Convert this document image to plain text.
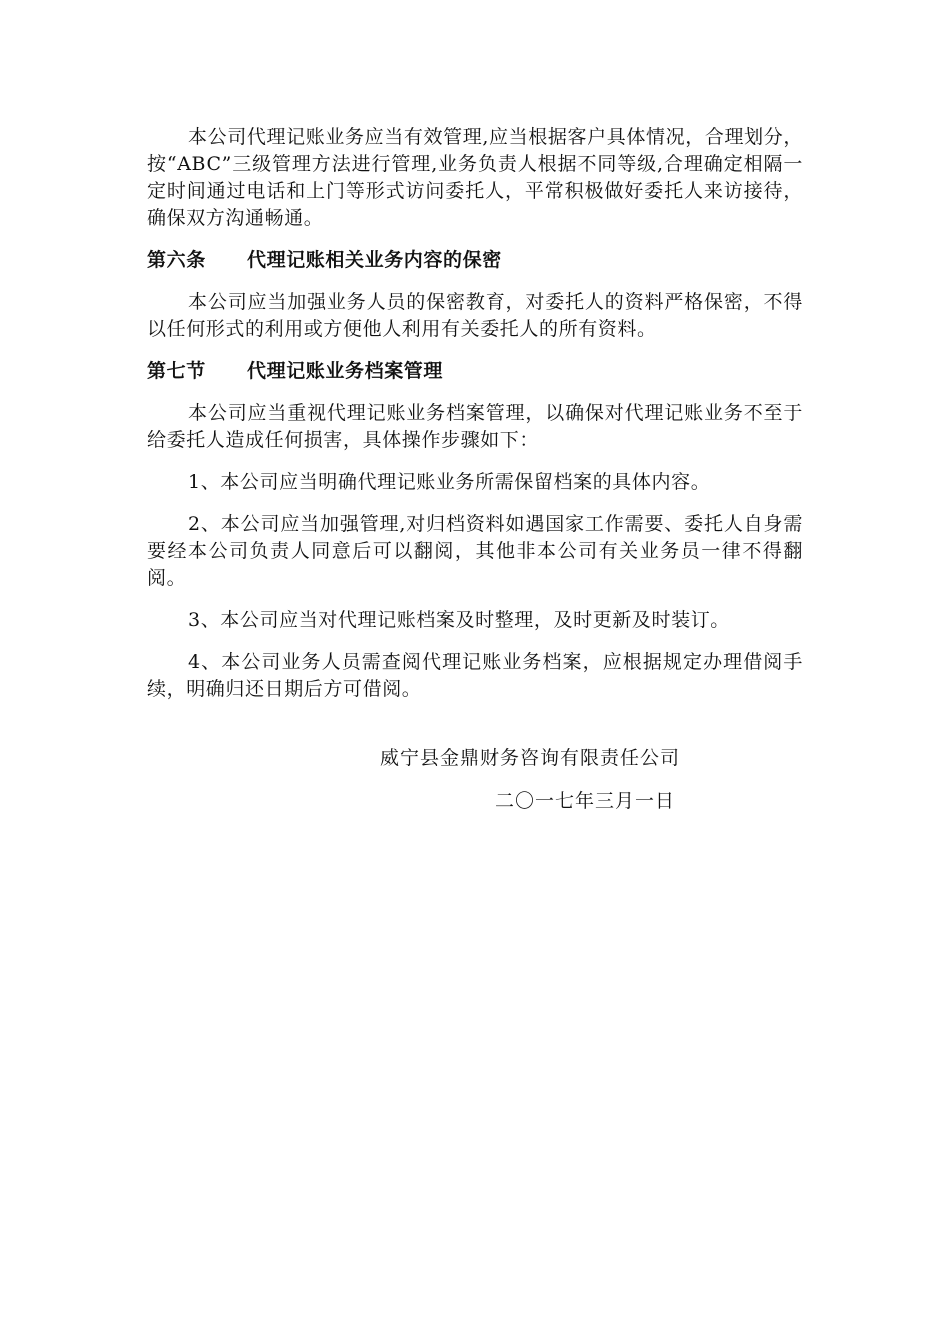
本公司代理记账业务应当有效管理,应当根据客户具体情况，合理划分，按“ABC”三级管理方法进行管理,业务负责人根据不同等级,合理确定相隔一定时间通过电话和上门等形式访问委托人，平常积极做好委托人来访接待，确保双方沟通畅通。

第六条 代理记账相关业务内容的保密

本公司应当加强业务人员的保密教育，对委托人的资料严格保密，不得以任何形式的利用或方便他人利用有关委托人的所有资料。

第七节 代理记账业务档案管理

本公司应当重视代理记账业务档案管理，以确保对代理记账业务不至于给委托人造成任何损害，具体操作步骤如下：

1、本公司应当明确代理记账业务所需保留档案的具体内容。

2、本公司应当加强管理,对归档资料如遇国家工作需要、委托人自身需要经本公司负责人同意后可以翻阅，其他非本公司有关业务员一律不得翻阅。

3、本公司应当对代理记账档案及时整理，及时更新及时装订。

4、本公司业务人员需查阅代理记账业务档案，应根据规定办理借阅手续，明确归还日期后方可借阅。

威宁县金鼎财务咨询有限责任公司
二〇一七年三月一日
